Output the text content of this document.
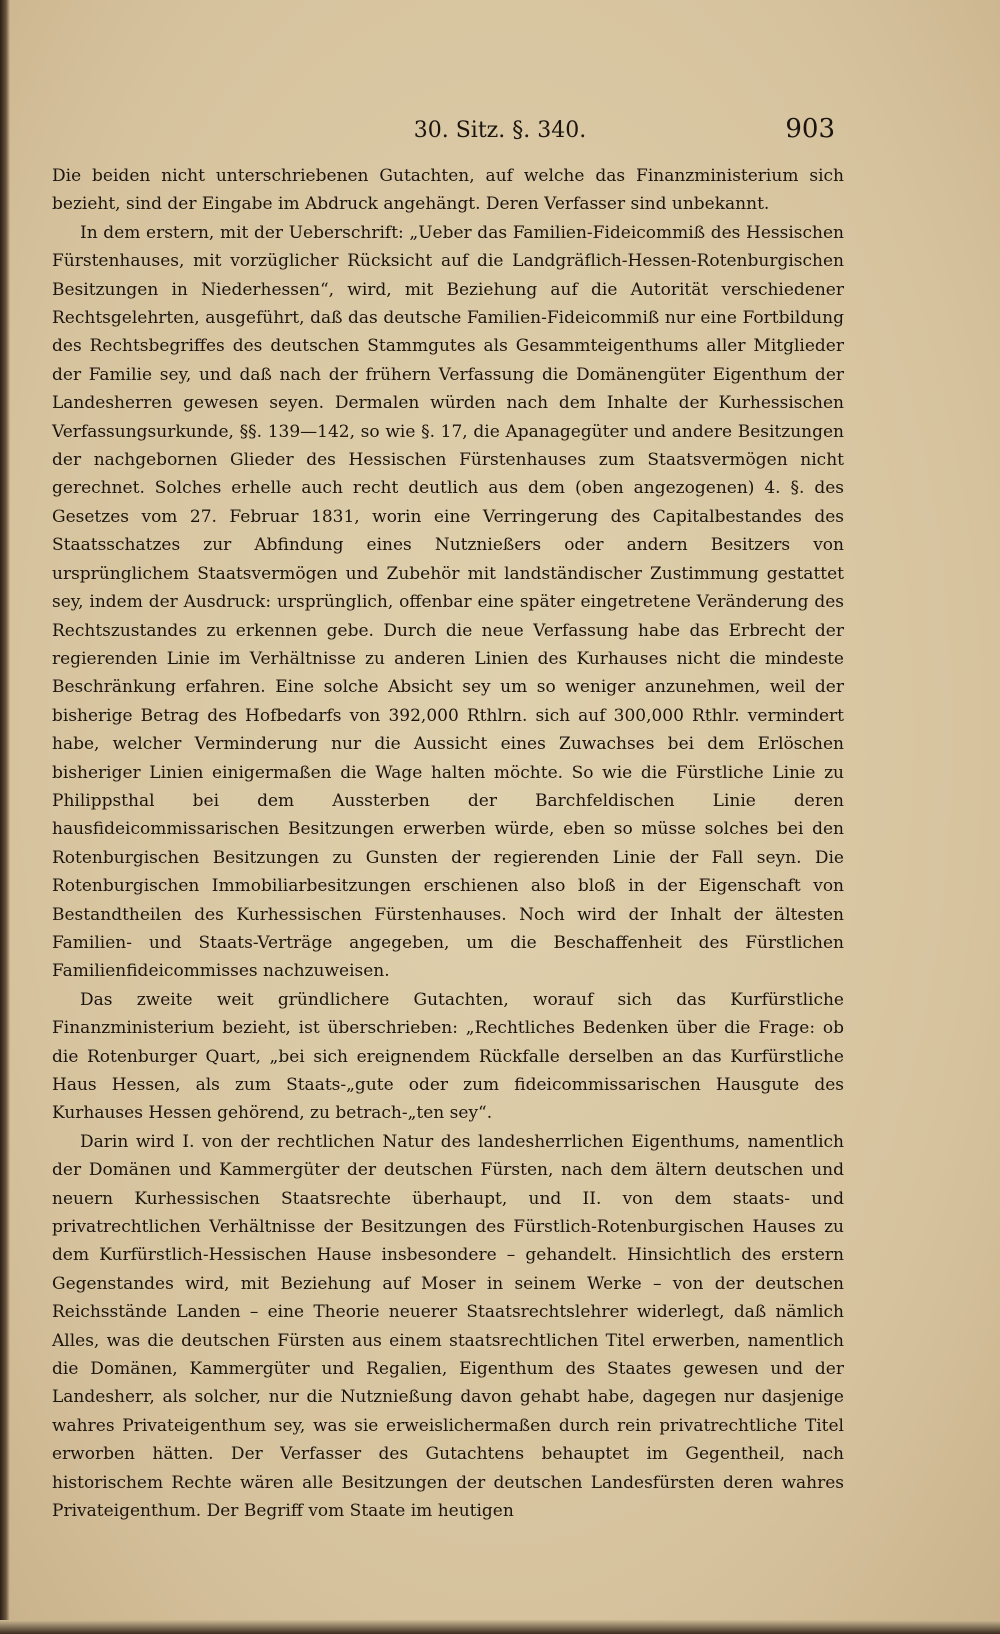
30. Sitz. §. 340.	903

Die beiden nicht unterschriebenen Gutachten, auf welche das Finanzministerium sich bezieht, sind der Eingabe im Abdruck angehängt. Deren Verfasser sind unbekannt.

In dem erstern, mit der Ueberschrift: „Ueber das Familien-Fideicommiß des Hessischen Fürstenhauses, mit vorzüglicher Rücksicht auf die Landgräflich-Hessen-Rotenburgischen Besitzungen in Niederhessen“, wird, mit Beziehung auf die Autorität verschiedener Rechtsgelehrten, ausgeführt, daß das deutsche Familien-Fideicommiß nur eine Fortbildung des Rechtsbegriffes des deutschen Stammgutes als Gesammteigenthums aller Mitglieder der Familie sey, und daß nach der frühern Verfassung die Domänengüter Eigenthum der Landesherren gewesen seyen. Dermalen würden nach dem Inhalte der Kurhessischen Verfassungsurkunde, §§. 139—142, so wie §. 17, die Apanagegüter und andere Besitzungen der nachgebornen Glieder des Hessischen Fürstenhauses zum Staatsvermögen nicht gerechnet. Solches erhelle auch recht deutlich aus dem (oben angezogenen) 4. §. des Gesetzes vom 27. Februar 1831, worin eine Verringerung des Capitalbestandes des Staatsschatzes zur Abfindung eines Nutznießers oder andern Besitzers von ursprünglichem Staatsvermögen und Zubehör mit landständischer Zustimmung gestattet sey, indem der Ausdruck: ursprünglich, offenbar eine später eingetretene Veränderung des Rechtszustandes zu erkennen gebe. Durch die neue Verfassung habe das Erbrecht der regierenden Linie im Verhältnisse zu anderen Linien des Kurhauses nicht die mindeste Beschränkung erfahren. Eine solche Absicht sey um so weniger anzunehmen, weil der bisherige Betrag des Hofbedarfs von 392,000 Rthlrn. sich auf 300,000 Rthlr. vermindert habe, welcher Verminderung nur die Aussicht eines Zuwachses bei dem Erlöschen bisheriger Linien einigermaßen die Wage halten möchte. So wie die Fürstliche Linie zu Philippsthal bei dem Aussterben der Barchfeldischen Linie deren hausfideicommissarischen Besitzungen erwerben würde, eben so müsse solches bei den Rotenburgischen Besitzungen zu Gunsten der regierenden Linie der Fall seyn. Die Rotenburgischen Immobiliarbesitzungen erschienen also bloß in der Eigenschaft von Bestandtheilen des Kurhessischen Fürstenhauses. Noch wird der Inhalt der ältesten Familien- und Staats-Verträge angegeben, um die Beschaffenheit des Fürstlichen Familienfideicommisses nachzuweisen.

Das zweite weit gründlichere Gutachten, worauf sich das Kurfürstliche Finanzministerium bezieht, ist überschrieben: „Rechtliches Bedenken über die Frage: ob die Rotenburger Quart, „bei sich ereignendem Rückfalle derselben an das Kurfürstliche Haus Hessen, als zum Staats-„gute oder zum fideicommissarischen Hausgute des Kurhauses Hessen gehörend, zu betrach-„ten sey“.

Darin wird I. von der rechtlichen Natur des landesherrlichen Eigenthums, namentlich der Domänen und Kammergüter der deutschen Fürsten, nach dem ältern deutschen und neuern Kurhessischen Staatsrechte überhaupt, und II. von dem staats- und privatrechtlichen Verhältnisse der Besitzungen des Fürstlich-Rotenburgischen Hauses zu dem Kurfürstlich-Hessischen Hause insbesondere – gehandelt. Hinsichtlich des erstern Gegenstandes wird, mit Beziehung auf Moser in seinem Werke – von der deutschen Reichsstände Landen – eine Theorie neuerer Staatsrechtslehrer widerlegt, daß nämlich Alles, was die deutschen Fürsten aus einem staatsrechtlichen Titel erwerben, namentlich die Domänen, Kammergüter und Regalien, Eigenthum des Staates gewesen und der Landesherr, als solcher, nur die Nutznießung davon gehabt habe, dagegen nur dasjenige wahres Privateigenthum sey, was sie erweislichermaßen durch rein privatrechtliche Titel erworben hätten. Der Verfasser des Gutachtens behauptet im Gegentheil, nach historischem Rechte wären alle Besitzungen der deutschen Landesfürsten deren wahres Privateigenthum. Der Begriff vom Staate im heutigen
